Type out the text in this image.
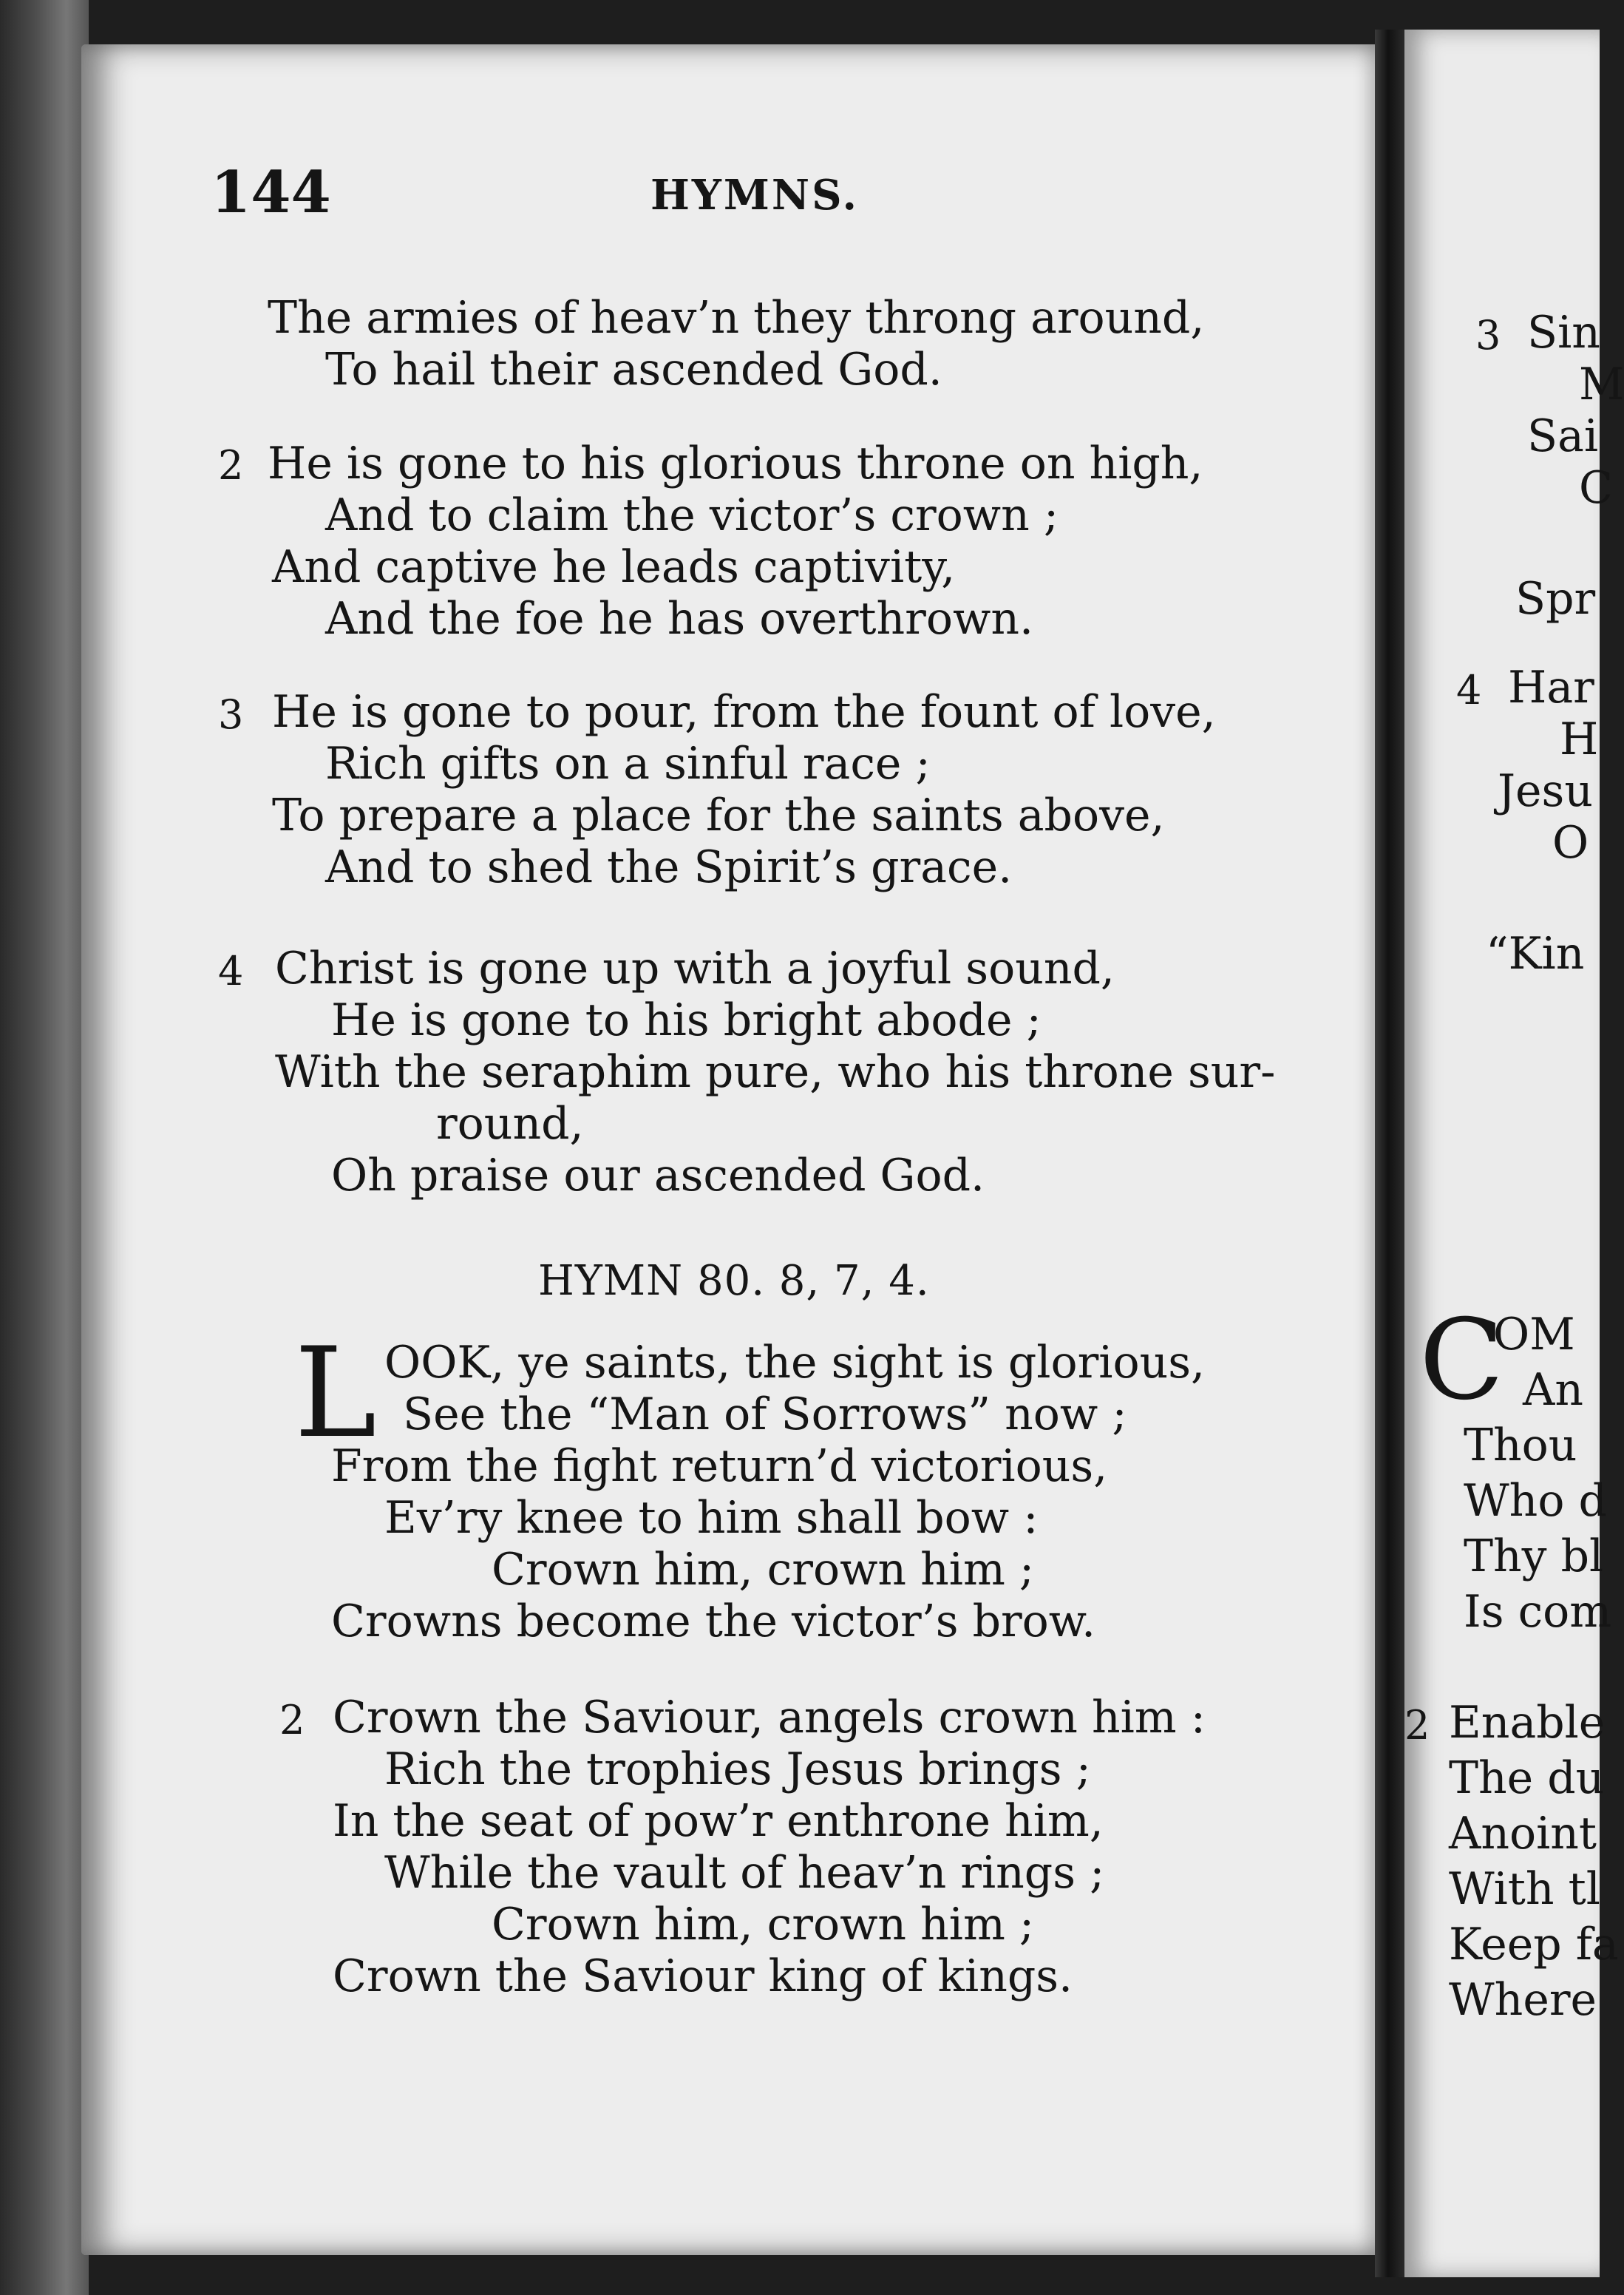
144	HYMNS.
The armies of heav’n they throng around,
To hail their ascended God.
2 He is gone to his glorious throne on high,
And to claim the victor’s crown ;
And captive he leads captivity,
And the foe he has overthrown.
3 He is gone to pour, from the fount of love,
Rich gifts on a sinful race ;
To prepare a place for the saints above,
And to shed the Spirit’s grace.
4 Christ is gone up with a joyful sound,
He is gone to his bright abode ;
With the seraphim pure, who his throne sur-
round,
Oh praise our ascended God.
HYMN 80. 8, 7, 4.
L OOK, ye saints, the sight is glorious,
See the “Man of Sorrows” now ;
From the fight return’d victorious,
Ev’ry knee to him shall bow :
Crown him, crown him ;
Crowns become the victor’s brow.
2 Crown the Saviour, angels crown him :
Rich the trophies Jesus brings ;
In the seat of pow’r enthrone him,
While the vault of heav’n rings ;
Crown him, crown him ;
Crown the Saviour king of kings.
3 Sin
M
Sai
C
Spr
4 Har
H
Jesu
O
“Kin
C
OM
An
Thou
Who d
Thy bl
Is com
2 Enable
The du
Anoint
With tl
Keep fa
Where
